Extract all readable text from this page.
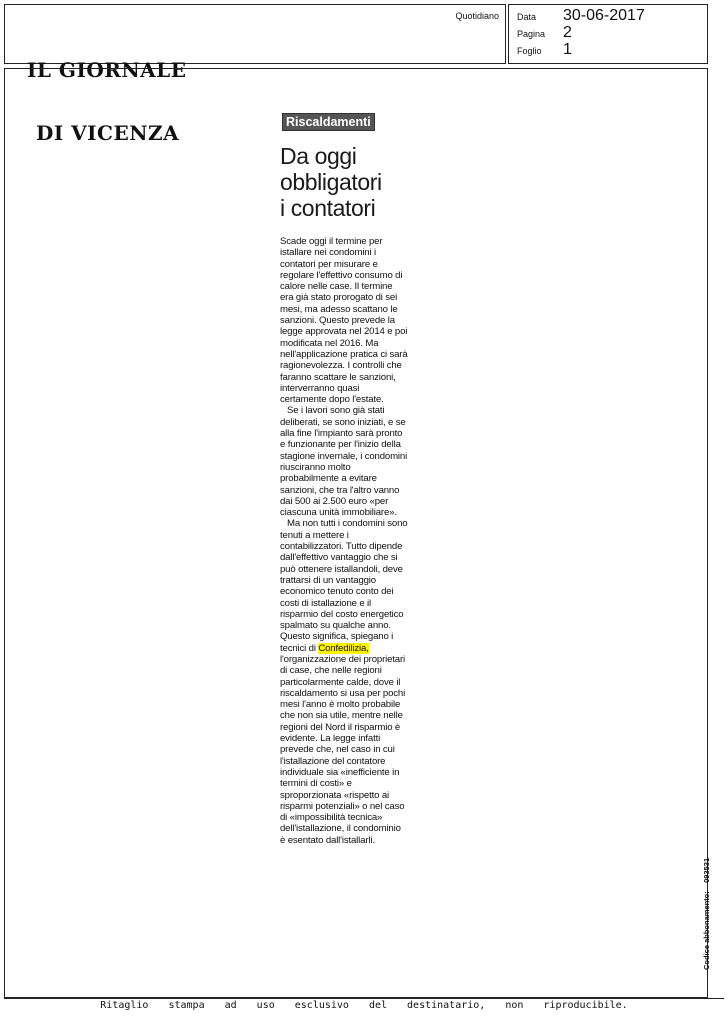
IL GIORNALE

DI VICENZA

Quotidiano Data 30-06-2017
Pagina 2
Foglio 1
Riscaldamenti
Da oggi
obbligatori
i contatori

Scade oggi il termine per istallare nei condomini i contatori per misurare e regolare l'effettivo consumo di calore nelle case. Il termine era già stato prorogato di sei mesi, ma adesso scattano le sanzioni. Questo prevede la legge approvata nel 2014 e poi modificata nel 2016. Ma nell'applicazione pratica ci sarà ragionevolezza. I controlli che faranno scattare le sanzioni, interverranno quasi certamente dopo l'estate.

Se i lavori sono già stati deliberati, se sono iniziati, e se alla fine l'impianto sarà pronto e funzionante per l'inizio della stagione invernale, i condomini riusciranno molto probabilmente a evitare sanzioni, che tra l'altro vanno dai 500 ai 2.500 euro «per ciascuna unità immobiliare».

Ma non tutti i condomini sono tenuti a mettere i contabilizzatori. Tutto dipende dall'effettivo vantaggio che si può ottenere istallandoli, deve trattarsi di un vantaggio economico tenuto conto dei costi di istallazione e il risparmio del costo energetico spalmato su qualche anno.

Questo significa, spiegano i tecnici di Confedilizia, l'organizzazione dei proprietari di case, che nelle regioni particolarmente calde, dove il riscaldamento si usa per pochi mesi l'anno è molto probabile che non sia utile, mentre nelle regioni del Nord il risparmio è evidente. La legge infatti prevede che, nel caso in cui l'istallazione del contatore individuale sia «inefficiente in termini di costi» e sproporzionata «rispetto ai risparmi potenziali» o nel caso di «impossibilità tecnica» dell'istallazione, il condominio è esentato dall'istallarli.

Codice abbonamento:    093531
Ritaglio stampa ad uso esclusivo del destinatario, non riproducibile.
